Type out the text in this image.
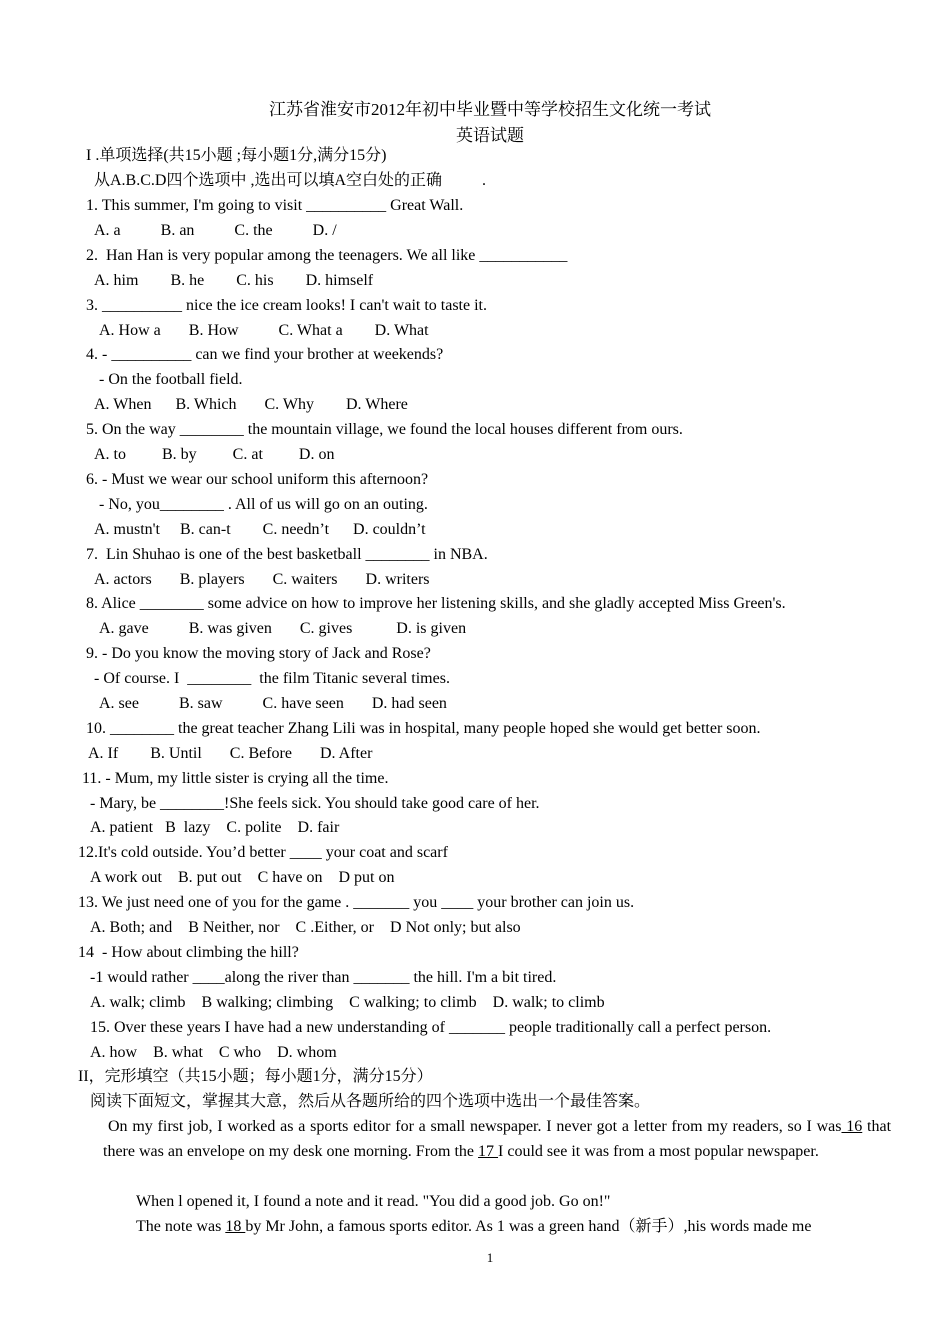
江苏省淮安市2012年初中毕业暨中等学校招生文化统一考试
英语试题
I .单项选择(共15小题 ;每小题1分,满分15分)
从A.B.C.D四个选项中 ,选出可以填A空白处的正确          .
1. This summer, I'm going to visit __________ Great Wall.
A. a          B. an          C. the          D. /
2.  Han Han is very popular among the teenagers. We all like ___________
A. him        B. he        C. his        D. himself
3. __________ nice the ice cream looks! I can't wait to taste it.
A. How a       B. How          C. What a        D. What
4. - __________ can we find your brother at weekends?
- On the football field.
A. When      B. Which       C. Why        D. Where
5. On the way ________ the mountain village, we found the local houses different from ours.
A. to         B. by         C. at         D. on
6. - Must we wear our school uniform this afternoon?
- No, you________ . All of us will go on an outing.
A. mustn't     B. can-t        C. needn’t      D. couldn’t
7.  Lin Shuhao is one of the best basketball ________ in NBA.
A. actors       B. players       C. waiters       D. writers
8. Alice ________ some advice on how to improve her listening skills, and she gladly accepted Miss Green's.
A. gave          B. was given       C. gives           D. is given
9. - Do you know the moving story of Jack and Rose?
- Of course. I  ________  the film Titanic several times.
A. see          B. saw          C. have seen       D. had seen
10. ________ the great teacher Zhang Lili was in hospital, many people hoped she would get better soon.
A. If        B. Until       C. Before       D. After
11. - Mum, my little sister is crying all the time.
- Mary, be ________!She feels sick. You should take good care of her.
A. patient   B  lazy    C. polite    D. fair
12.It's cold outside. You’d better ____ your coat and scarf
A work out    B. put out    C have on    D put on
13. We just need one of you for the game . _______ you ____ your brother can join us.
A. Both; and    B Neither, nor    C .Either, or    D Not only; but also
14  - How about climbing the hill?
-1 would rather ____along the river than _______ the hill. I'm a bit tired.
A. walk; climb    B walking; climbing    C walking; to climb    D. walk; to climb
15. Over these years I have had a new understanding of _______ people traditionally call a perfect person.
A. how    B. what    C who    D. whom
II，完形填空（共15小题；每小题1分，满分15分）
阅读下面短文，掌握其大意，然后从各题所给的四个选项中选出一个最佳答案。
On my first job, I worked as a sports editor for a small newspaper. I never got a letter from my readers, so I was 16 that there was an envelope on my desk one morning. From the 17 I could see it was from a most popular newspaper.
When l opened it, I found a note and it read. "You did a good job. Go on!"
The note was 18 by Mr John, a famous sports editor. As 1 was a green hand（新手）,his words made me
1
